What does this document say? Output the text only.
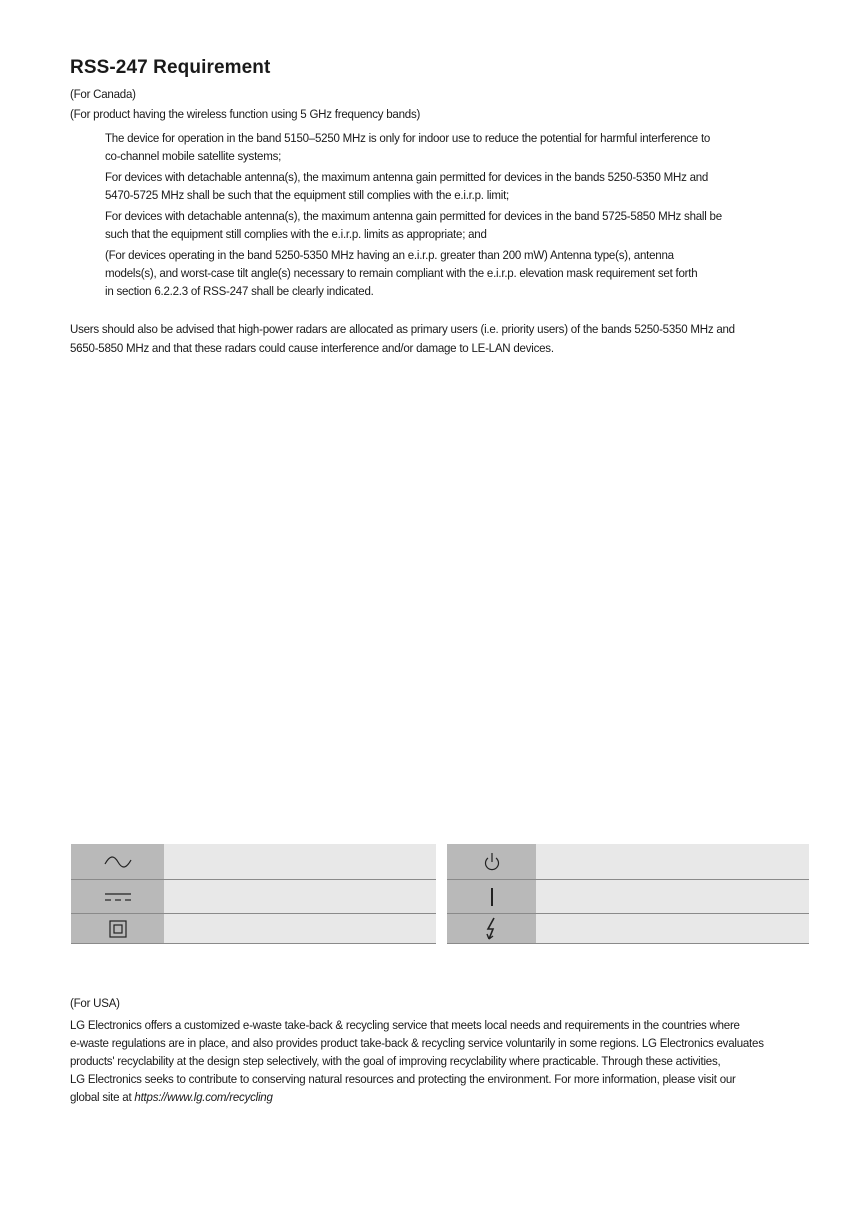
RSS-247 Requirement
(For Canada)
(For product having the wireless function using 5 GHz frequency bands)
The device for operation in the band 5150–5250 MHz is only for indoor use to reduce the potential for harmful interference to
co-channel mobile satellite systems;
For devices with detachable antenna(s), the maximum antenna gain permitted for devices in the bands 5250-5350 MHz and
5470-5725 MHz shall be such that the equipment still complies with the e.i.r.p. limit;
For devices with detachable antenna(s), the maximum antenna gain permitted for devices in the band 5725-5850 MHz shall be
such that the equipment still complies with the e.i.r.p. limits as appropriate; and
(For devices operating in the band 5250-5350 MHz having an e.i.r.p. greater than 200 mW) Antenna type(s), antenna
models(s), and worst-case tilt angle(s) necessary to remain compliant with the e.i.r.p. elevation mask requirement set forth
in section 6.2.2.3 of RSS-247 shall be clearly indicated.
Users should also be advised that high-power radars are allocated as primary users (i.e. priority users) of the bands 5250-5350 MHz and
5650-5850 MHz and that these radars could cause interference and/or damage to LE-LAN devices.
(For USA)
LG Electronics offers a customized e-waste take-back & recycling service that meets local needs and requirements in the countries where
e-waste regulations are in place, and also provides product take-back & recycling service voluntarily in some regions. LG Electronics evaluates
products' recyclability at the design step selectively, with the goal of improving recyclability where practicable. Through these activities,
LG Electronics seeks to contribute to conserving natural resources and protecting the environment. For more information, please visit our
global site at https://www.lg.com/recycling
